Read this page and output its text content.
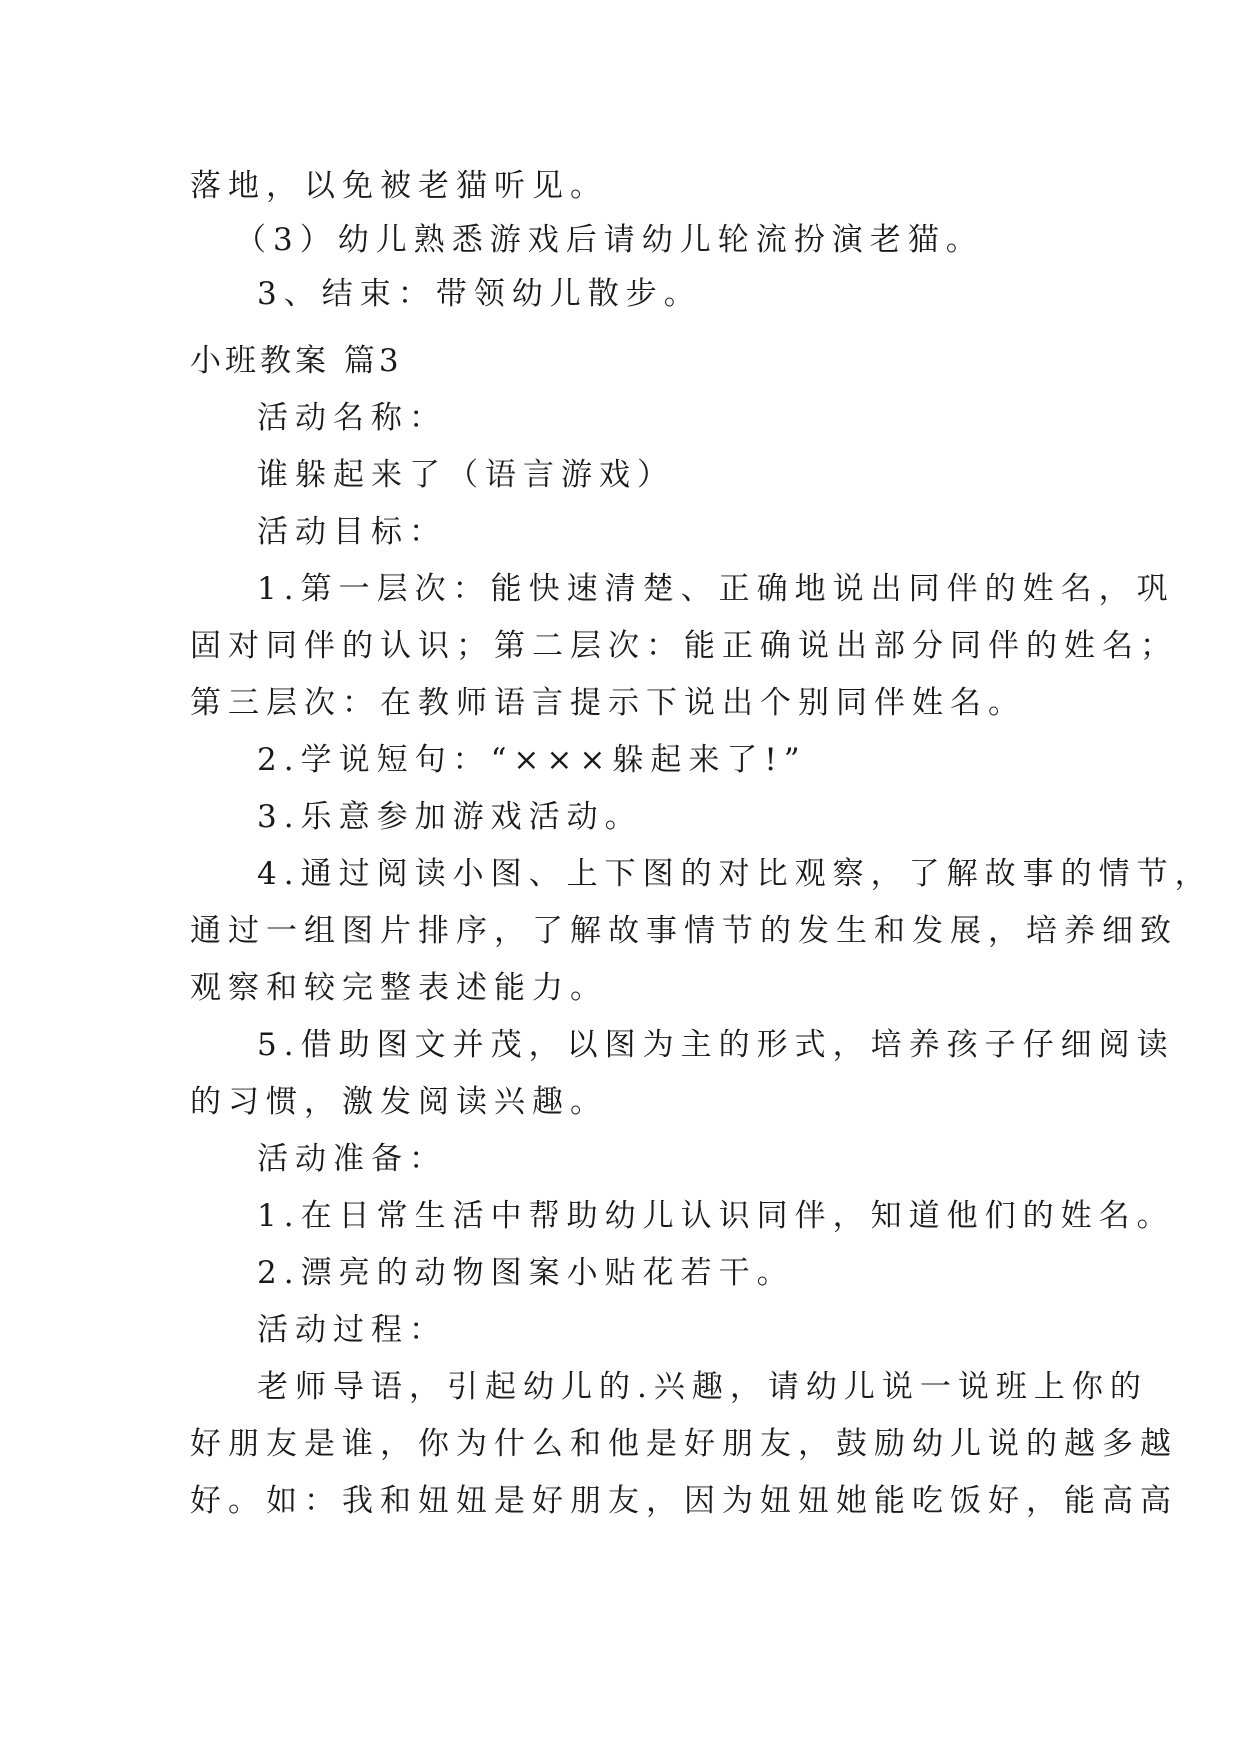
落地，以免被老猫听见。
（3）幼儿熟悉游戏后请幼儿轮流扮演老猫。
3、结束：带领幼儿散步。
小班教案 篇3
活动名称：
谁躲起来了（语言游戏）
活动目标：
1.第一层次：能快速清楚、正确地说出同伴的姓名，巩
固对同伴的认识；第二层次：能正确说出部分同伴的姓名；
第三层次：在教师语言提示下说出个别同伴姓名。
2.学说短句：“×××躲起来了!”
3.乐意参加游戏活动。
4.通过阅读小图、上下图的对比观察，了解故事的情节，
通过一组图片排序，了解故事情节的发生和发展，培养细致
观察和较完整表述能力。
5.借助图文并茂，以图为主的形式，培养孩子仔细阅读
的习惯，激发阅读兴趣。
活动准备：
1.在日常生活中帮助幼儿认识同伴，知道他们的姓名。
2.漂亮的动物图案小贴花若干。
活动过程：
老师导语，引起幼儿的.兴趣，请幼儿说一说班上你的
好朋友是谁，你为什么和他是好朋友，鼓励幼儿说的越多越
好。如：我和妞妞是好朋友，因为妞妞她能吃饭好，能高高
